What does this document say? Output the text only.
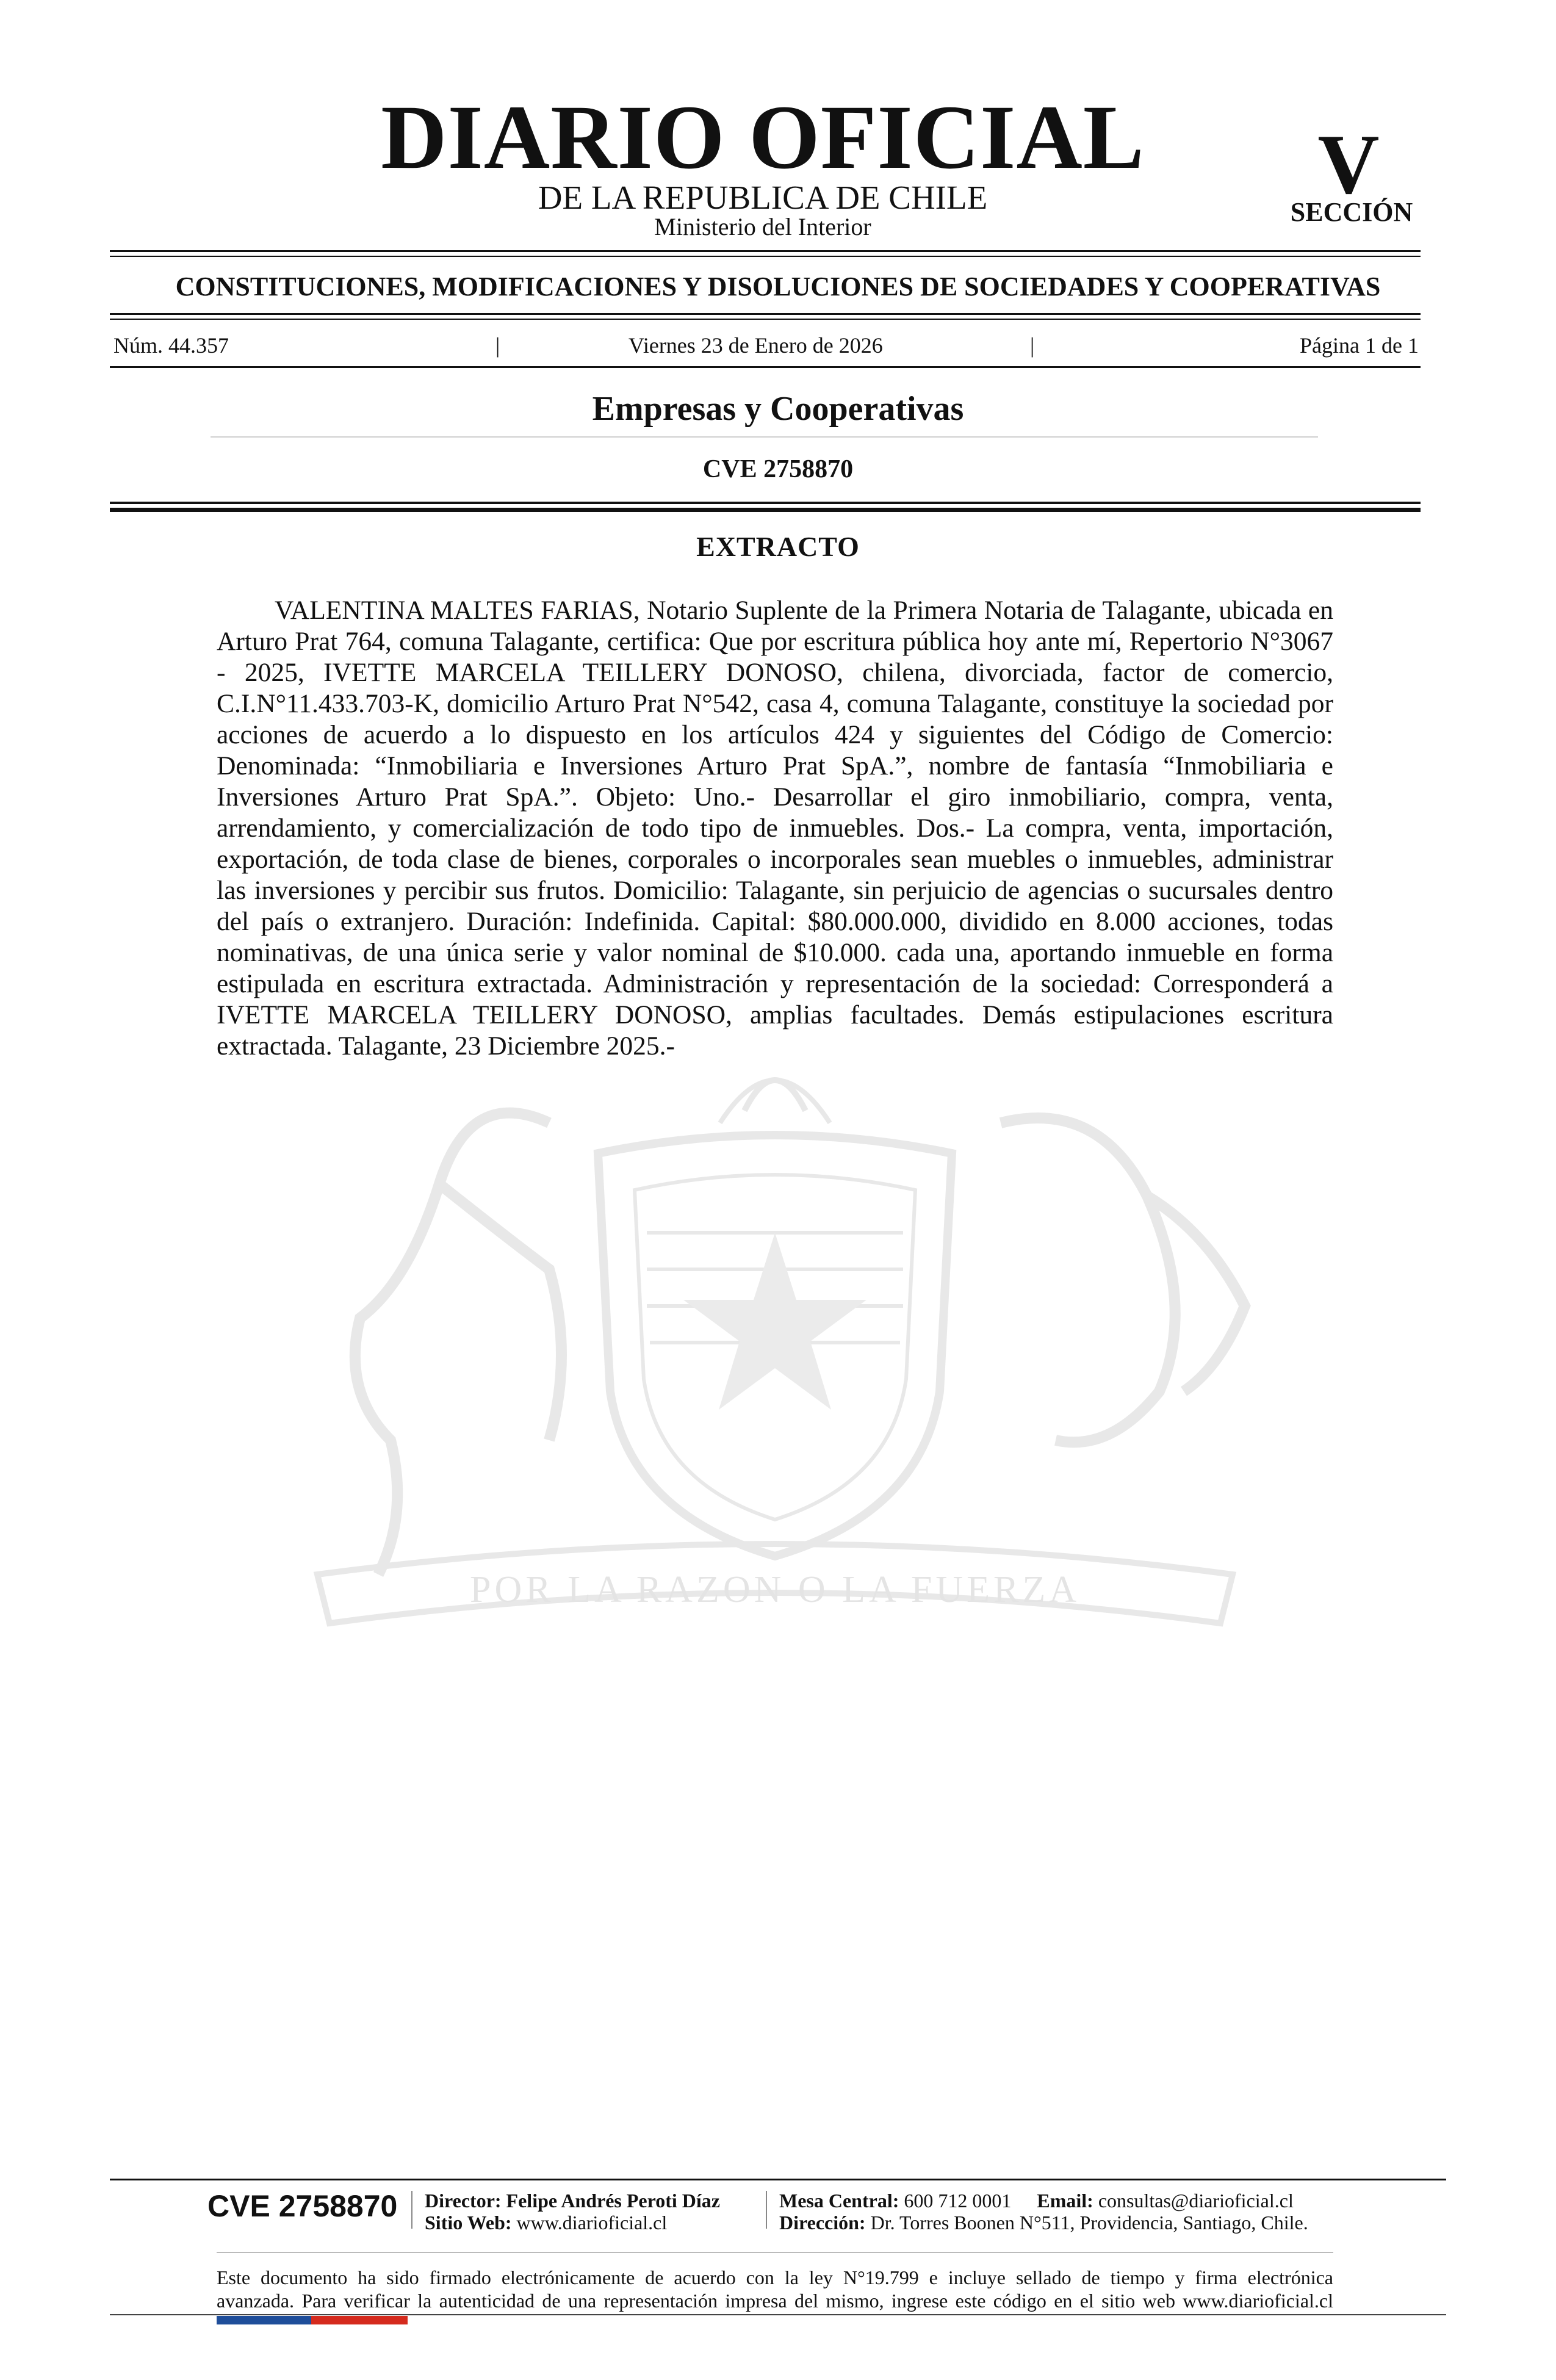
DIARIO OFICIAL
DE LA REPUBLICA DE CHILE
Ministerio del Interior
V
SECCIÓN
CONSTITUCIONES, MODIFICACIONES Y DISOLUCIONES DE SOCIEDADES Y COOPERATIVAS
Núm. 44.357	|	Viernes 23 de Enero de 2026	|	Página 1 de 1
Empresas y Cooperativas
CVE 2758870
POR LA RAZON O LA FUERZA
EXTRACTO

VALENTINA MALTES FARIAS, Notario Suplente de la Primera Notaria de Talagante, ubicada en Arturo Prat 764, comuna Talagante, certifica: Que por escritura pública hoy ante mí, Repertorio N°3067 - 2025, IVETTE MARCELA TEILLERY DONOSO, chilena, divorciada, factor de comercio, C.I.N°11.433.703-K, domicilio Arturo Prat N°542, casa 4, comuna Talagante, constituye la sociedad por acciones de acuerdo a lo dispuesto en los artículos 424 y siguientes del Código de Comercio: Denominada: “Inmobiliaria e Inversiones Arturo Prat SpA.”, nombre de fantasía “Inmobiliaria e Inversiones Arturo Prat SpA.”. Objeto: Uno.- Desarrollar el giro inmobiliario, compra, venta, arrendamiento, y comercialización de todo tipo de inmuebles. Dos.- La compra, venta, importación, exportación, de toda clase de bienes, corporales o incorporales sean muebles o inmuebles, administrar las inversiones y percibir sus frutos. Domicilio: Talagante, sin perjuicio de agencias o sucursales dentro del país o extranjero. Duración: Indefinida. Capital: $80.000.000, dividido en 8.000 acciones, todas nominativas, de una única serie y valor nominal de $10.000. cada una, aportando inmueble en forma estipulada en escritura extractada. Administración y representación de la sociedad: Corresponderá a IVETTE MARCELA TEILLERY DONOSO, amplias facultades. Demás estipulaciones escritura extractada. Talagante, 23 Diciembre 2025.-

CVE 2758870 Director: Felipe Andrés Peroti Díaz
Sitio Web: www.diarioficial.cl
Mesa Central: 600 712 0001 Email: consultas@diarioficial.cl
Dirección: Dr. Torres Boonen N°511, Providencia, Santiago, Chile.
Este documento ha sido firmado electrónicamente de acuerdo con la ley N°19.799 e incluye sellado de tiempo y firma electrónica
avanzada. Para verificar la autenticidad de una representación impresa del mismo, ingrese este código en el sitio web www.diarioficial.cl
